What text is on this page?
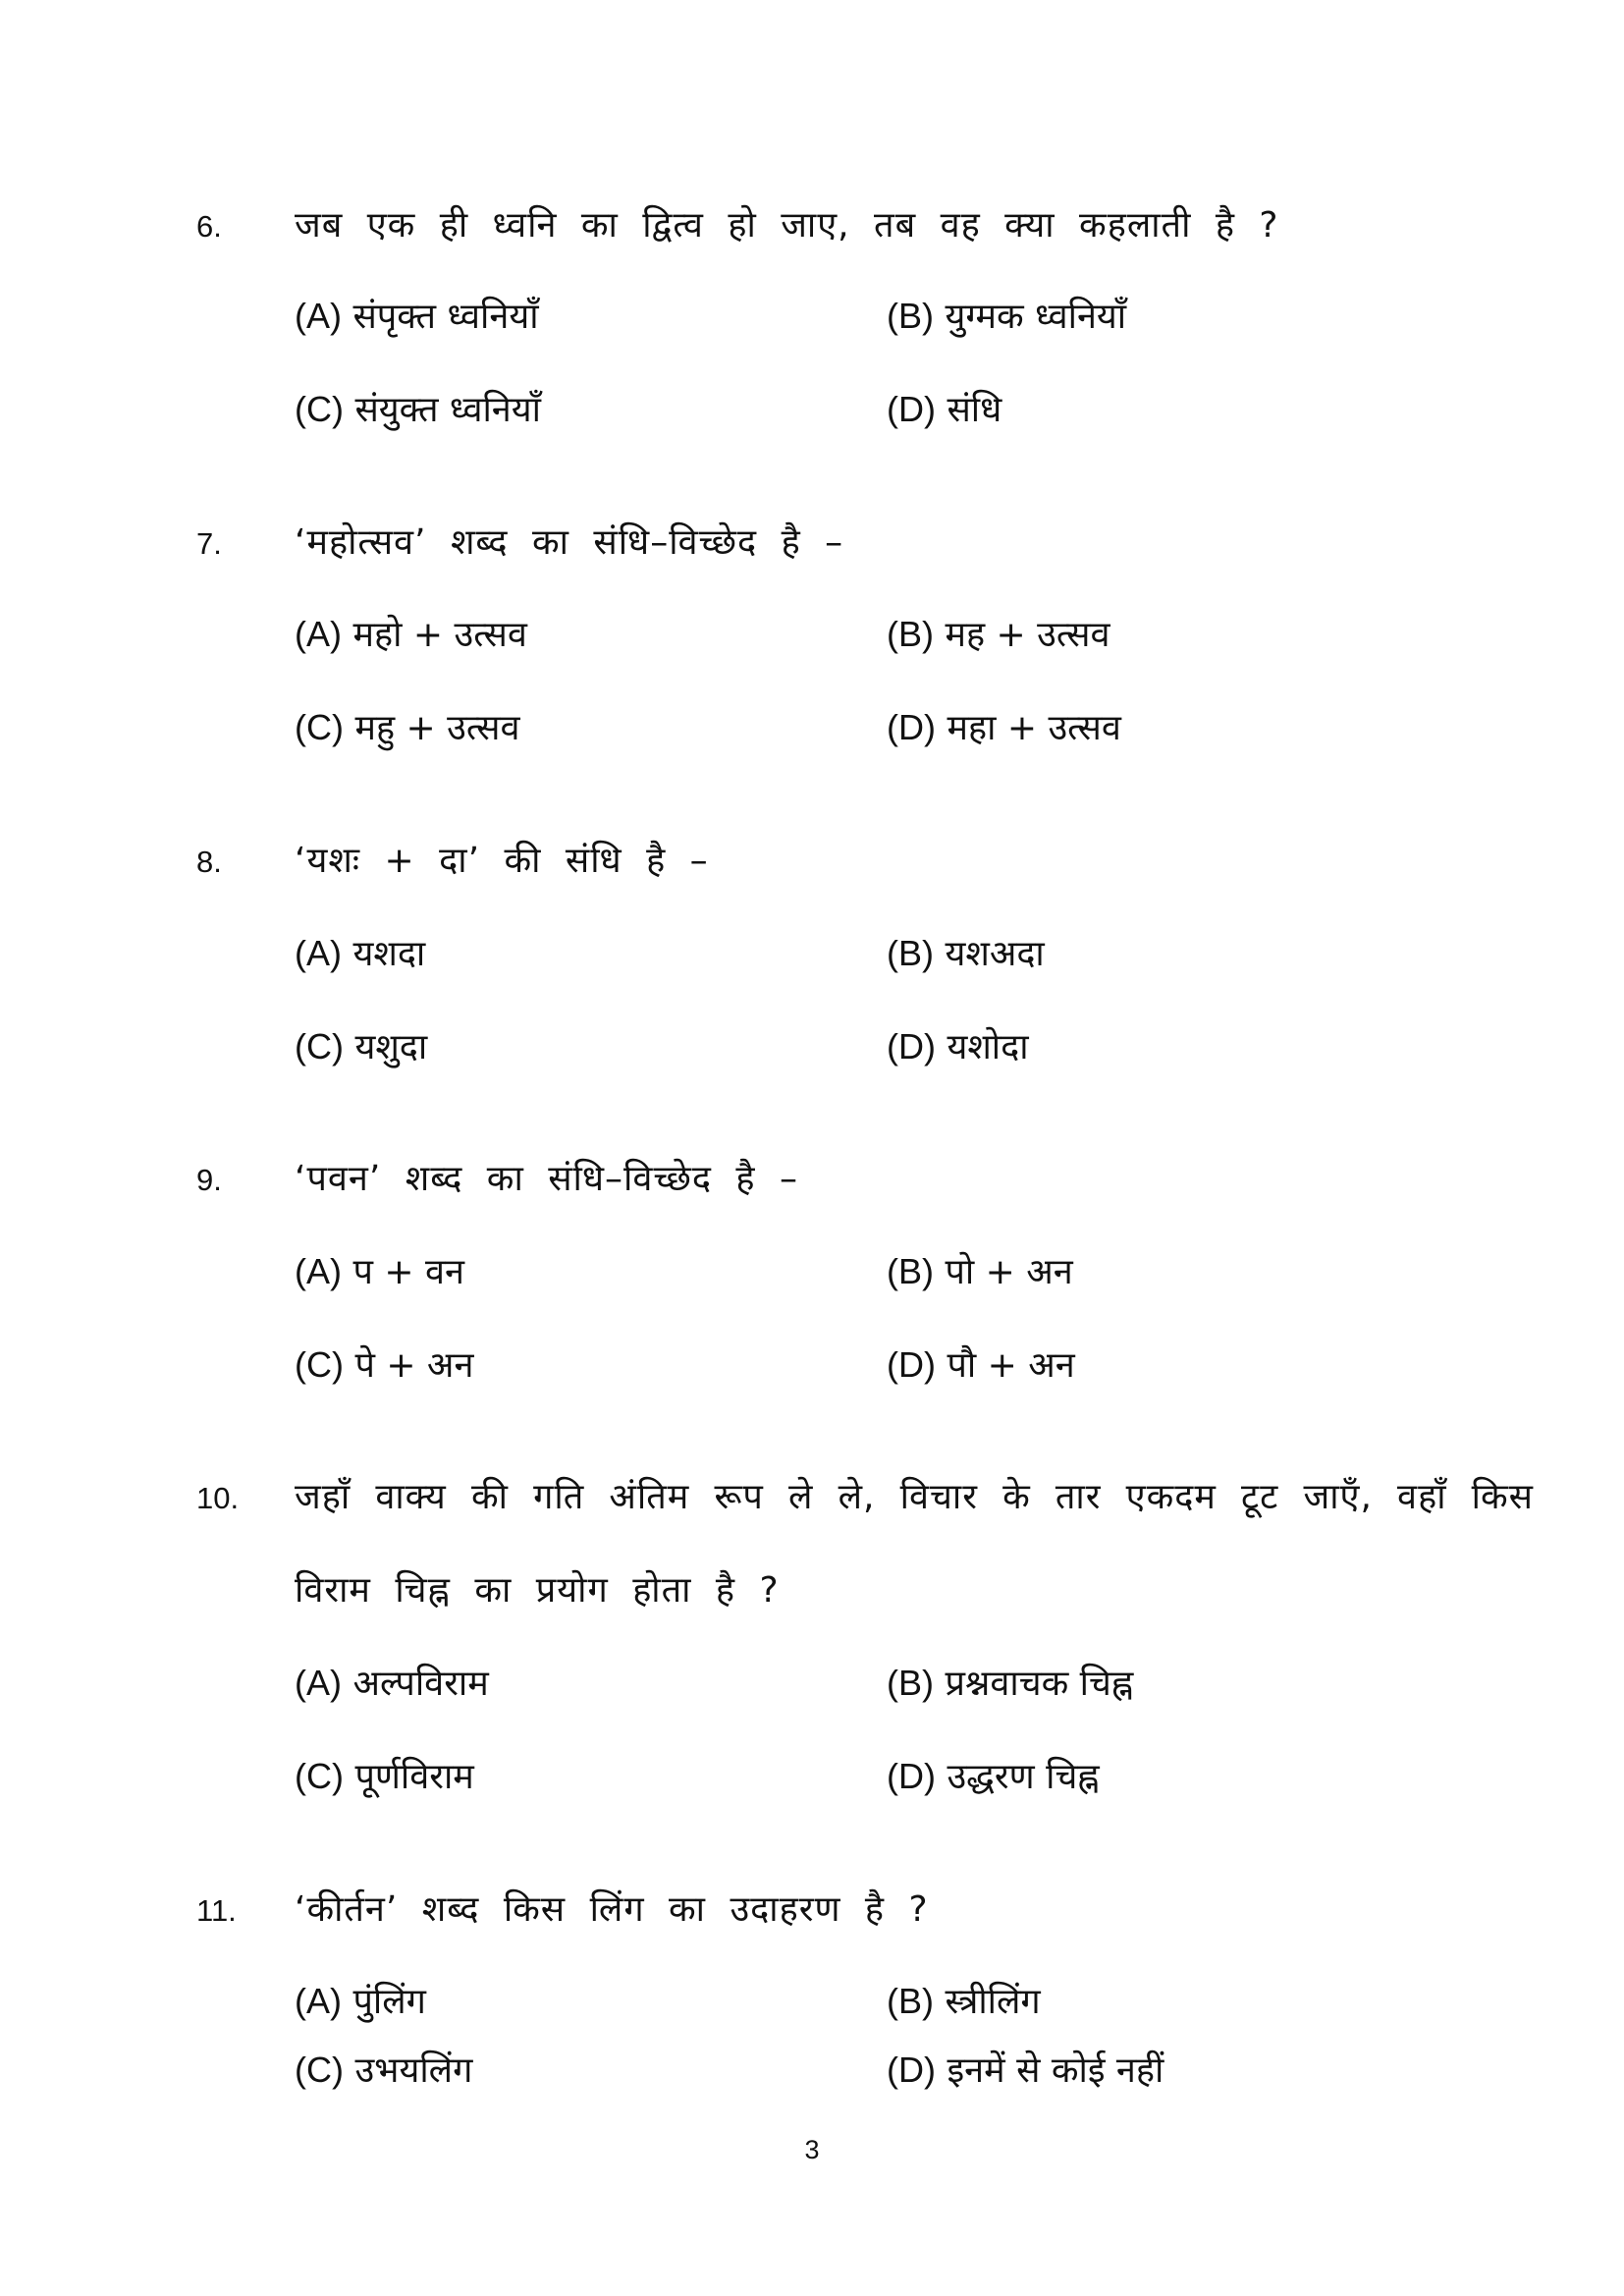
6. जब एक ही ध्वनि का द्वित्व हो जाए, तब वह क्या कहलाती है ?
(A) संपृक्त ध्वनियाँ	(B) युग्मक ध्वनियाँ
(C) संयुक्त ध्वनियाँ	(D) संधि
7. ‘महोत्सव’ शब्द का संधि–विच्छेद है –
(A) महो + उत्सव	(B) मह + उत्सव
(C) महु + उत्सव	(D) महा + उत्सव
8. ‘यशः + दा’ की संधि है –
(A) यशदा	(B) यशअदा
(C) यशुदा	(D) यशोदा
9. ‘पवन’ शब्द का संधि–विच्छेद है –
(A) प + वन	(B) पो + अन
(C) पे + अन	(D) पौ + अन
10. जहाँ वाक्य की गति अंतिम रूप ले ले, विचार के तार एकदम टूट जाएँ, वहाँ किस
विराम चिह्न का प्रयोग होता है ?
(A) अल्पविराम	(B) प्रश्नवाचक चिह्न
(C) पूर्णविराम	(D) उद्धरण चिह्न
11. ‘कीर्तन’ शब्द किस लिंग का उदाहरण है ?
(A) पुंलिंग	(B) स्त्रीलिंग
(C) उभयलिंग	(D) इनमें से कोई नहीं
3
